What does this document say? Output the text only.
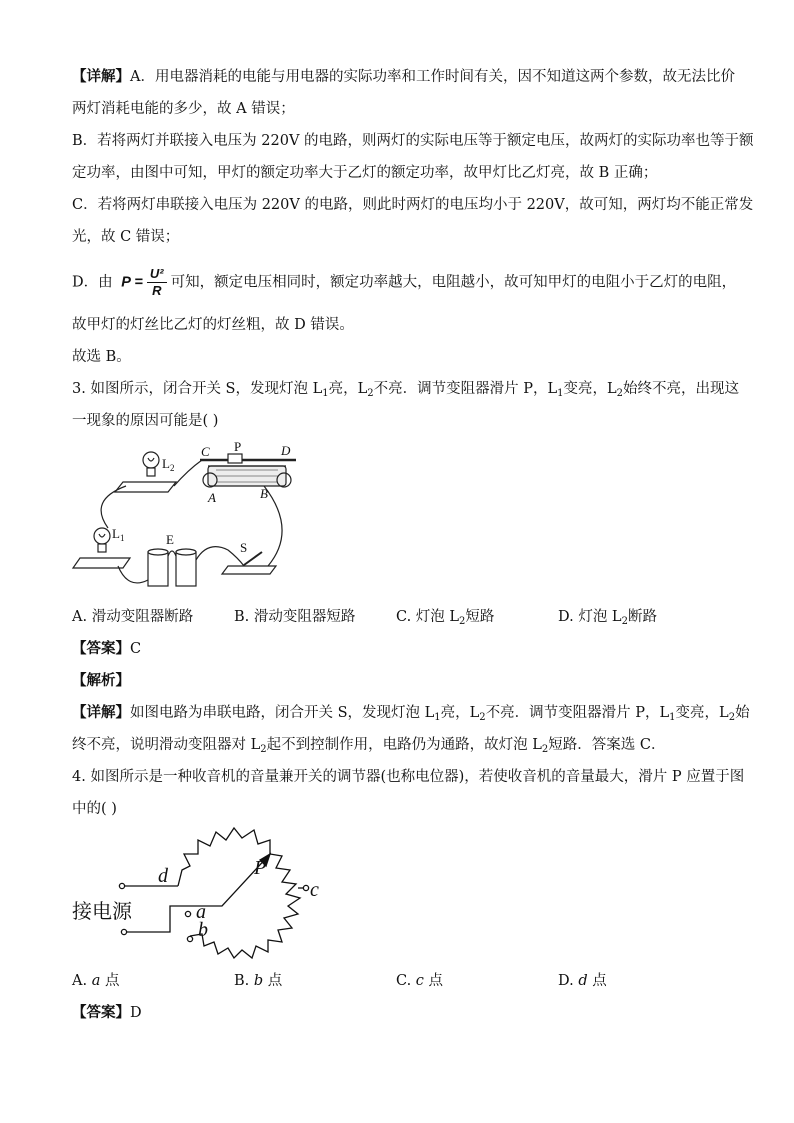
【详解】A．用电器消耗的电能与用电器的实际功率和工作时间有关，因不知道这两个参数，故无法比价
两灯消耗电能的多少，故 A 错误；
B．若将两灯并联接入电压为 220V 的电路，则两灯的实际电压等于额定电压，故两灯的实际功率也等于额
定功率，由图中可知，甲灯的额定功率大于乙灯的额定功率，故甲灯比乙灯亮，故 B 正确；
C．若将两灯串联接入电压为 220V 的电路，则此时两灯的电压均小于 220V，故可知，两灯均不能正常发
光，故 C 错误；
D．由 $P = \frac{\text{U²}}{R}$ 可知，额定电压相同时，额定功率越大，电阻越小，故可知甲灯的电阻小于乙灯的电阻，
故甲灯的灯丝比乙灯的灯丝粗，故 D 错误。
故选 B。
3. 如图所示，闭合开关 S，发现灯泡 $L_1$亮，$L_2$不亮．调节变阻器滑片 P，$L_1$变亮，$L_2$始终不亮，出现这
一现象的原因可能是( )
C P	D
A	B
$L_2$
$L_1$	E
S
A. 滑动变阻器断路	B. 滑动变阻器短路	C. 灯泡 $L_2$短路	D. 灯泡 $L_2$断路
【答案】C
【解析】
【详解】如图电路为串联电路，闭合开关 S，发现灯泡 $L_1$亮，$L_2$不亮．调节变阻器滑片 P，$L_1$变亮，$L_2$始
终不亮，说明滑动变阻器对 $L_2$起不到控制作用，电路仍为通路，故灯泡 $L_2$短路．答案选 C．
4. 如图所示是一种收音机的音量兼开关的调节器(也称电位器)，若使收音机的音量最大，滑片 P 应置于图
中的( )
d	P
c
a
b
接电源
A. a 点	B. b 点	C. c 点	D. d 点
【答案】D
